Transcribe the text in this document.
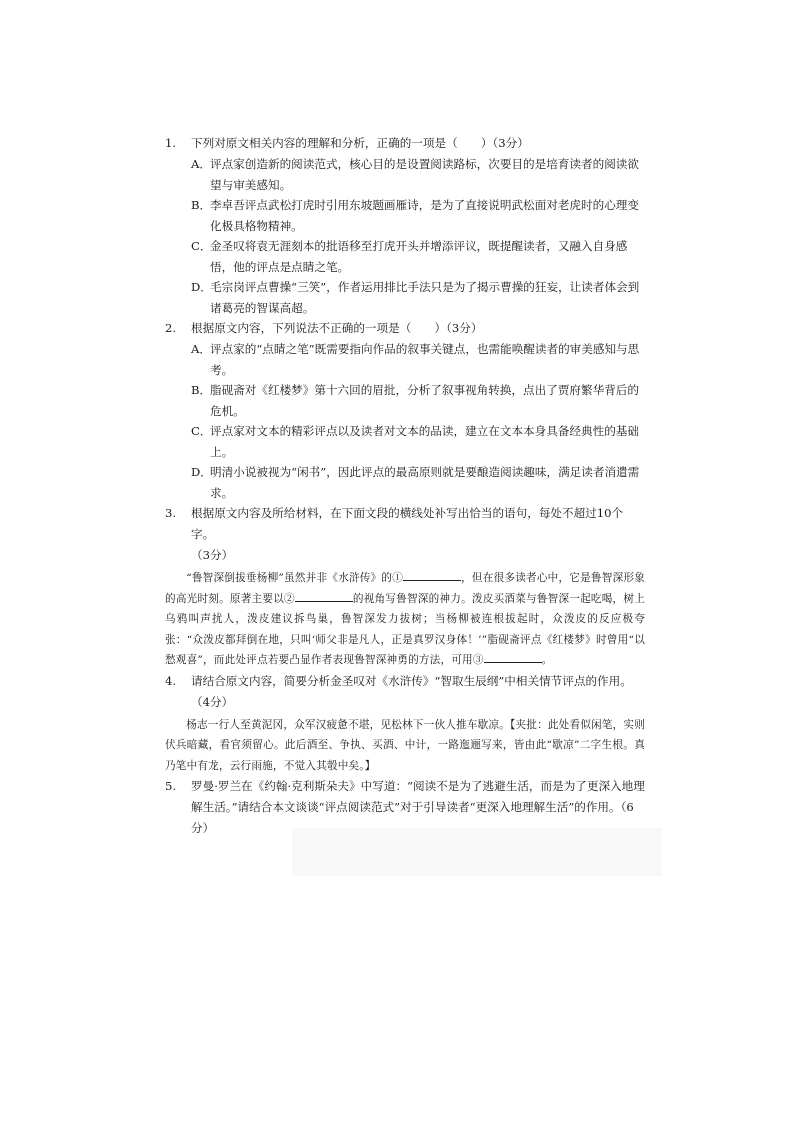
1. 下列对原文相关内容的理解和分析，正确的一项是（　　）（3分）
A． 评点家创造新的阅读范式，核心目的是设置阅读路标，次要目的是培育读者的阅读欲望与审美感知。
B．
李卓吾评点武松打虎时引用东坡题画雁诗，是为了直接说明武松面对老虎时的心理变化极具格物精神。
C．
金圣叹将袁无涯刻本的批语移至打虎开头并增添评议，既提醒读者，又融入自身感悟，他的评点是点睛之笔。
D．
毛宗岗评点曹操“三笑”，作者运用排比手法只是为了揭示曹操的狂妄，让读者体会到诸葛亮的智谋高超。
2. 根据原文内容，下列说法不正确的一项是（　　）（3分）
A． 评点家的“点睛之笔”既需要指向作品的叙事关键点，也需能唤醒读者的审美感知与思考。
B．
脂砚斋对《红楼梦》第十六回的眉批，分析了叙事视角转换，点出了贾府繁华背后的危机。
C．
评点家对文本的精彩评点以及读者对文本的品读，建立在文本本身具备经典性的基础上。
D．
明清小说被视为“闲书”，因此评点的最高原则就是要酿造阅读趣味，满足读者消遣需求。
3. 根据原文内容及所给材料，在下面文段的横线处补写出恰当的语句，每处不超过10个字。
（3分）

“鲁智深倒拔垂杨柳”虽然并非《水浒传》的①	，但在很多读者心中，它是鲁智深形象的高光时刻。原著主要以②	的视角写鲁智深的神力。泼皮买酒菜与鲁智深一起吃喝，树上乌鸦叫声扰人，泼皮建议拆鸟巢，鲁智深发力拔树；当杨柳被连根拔起时，众泼皮的反应极夸张：“众泼皮都拜倒在地，只叫‘师父非是凡人，正是真罗汉身体！’”脂砚斋评点《红楼梦》时曾用“以愁观喜”，而此处评点若要凸显作者表现鲁智深神勇的方法，可用③	。

4. 请结合原文内容，简要分析金圣叹对《水浒传》“智取生辰纲”中相关情节评点的作用。
（4分）

杨志一行人至黄泥冈，众军汉疲惫不堪，见松林下一伙人推车歇凉。【夹批：此处看似闲笔，实则伏兵暗藏，看官须留心。此后酒至、争执、买酒、中计，一路迤逦写来，皆由此“歇凉”二字生根。真乃笔中有龙，云行雨施，不觉入其彀中矣。】

5. 罗曼·罗兰在《约翰·克利斯朵夫》中写道：“阅读不是为了逃避生活，而是为了更深入地理解生活。”请结合本文谈谈“评点阅读范式”对于引导读者“更深入地理解生活”的作用。（6分）
